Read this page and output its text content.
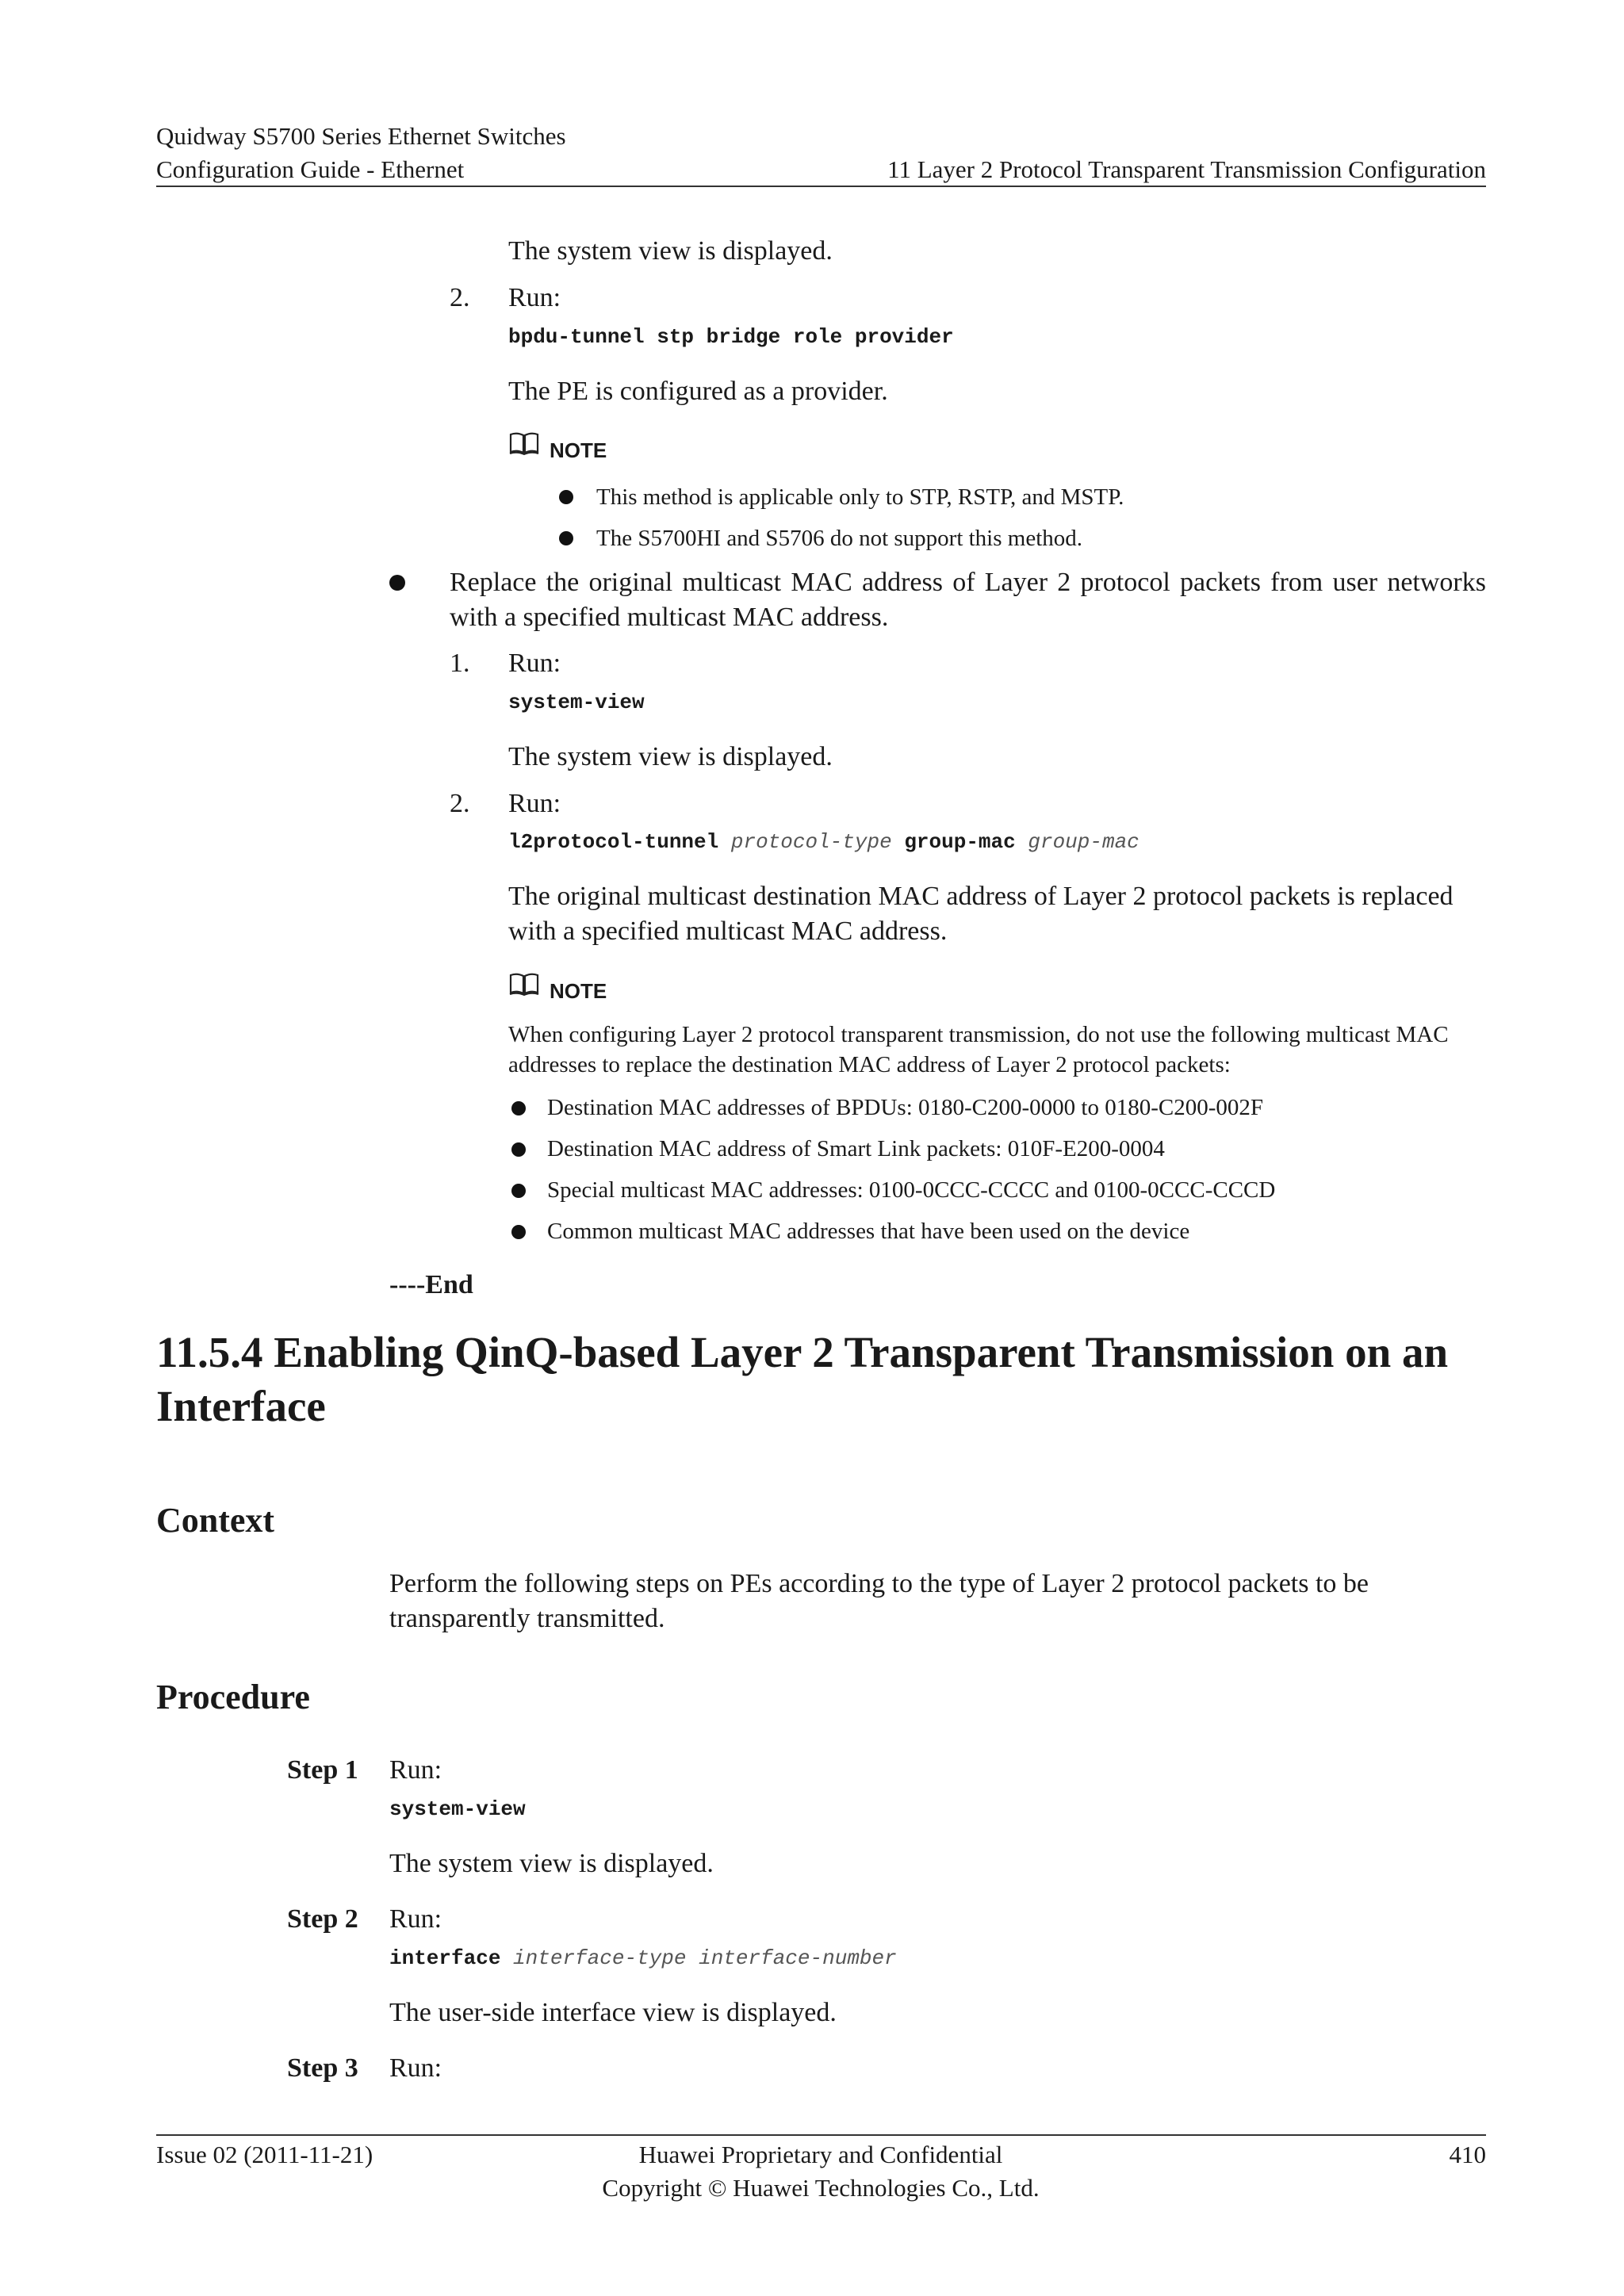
Quidway S5700 Series Ethernet Switches
Configuration Guide - Ethernet	11 Layer 2 Protocol Transparent Transmission Configuration
The system view is displayed.
2. Run:
bpdu-tunnel stp bridge role provider
The PE is configured as a provider.
NOTE
This method is applicable only to STP, RSTP, and MSTP.
The S5700HI and S5706 do not support this method.
Replace the original multicast MAC address of Layer 2 protocol packets from user networks with a specified multicast MAC address.
1. Run:
system-view
The system view is displayed.
2. Run:
l2protocol-tunnel protocol-type group-mac group-mac
The original multicast destination MAC address of Layer 2 protocol packets is replaced with a specified multicast MAC address.
NOTE
When configuring Layer 2 protocol transparent transmission, do not use the following multicast MAC addresses to replace the destination MAC address of Layer 2 protocol packets:
Destination MAC addresses of BPDUs: 0180-C200-0000 to 0180-C200-002F
Destination MAC address of Smart Link packets: 010F-E200-0004
Special multicast MAC addresses: 0100-0CCC-CCCC and 0100-0CCC-CCCD
Common multicast MAC addresses that have been used on the device
----End
11.5.4 Enabling QinQ-based Layer 2 Transparent Transmission on an Interface
Context
Perform the following steps on PEs according to the type of Layer 2 protocol packets to be transparently transmitted.
Procedure
Step 1 Run:
system-view
The system view is displayed.
Step 2 Run:
interface interface-type interface-number
The user-side interface view is displayed.
Step 3 Run:
Issue 02 (2011-11-21)	Huawei Proprietary and Confidential
Copyright © Huawei Technologies Co., Ltd.
410
